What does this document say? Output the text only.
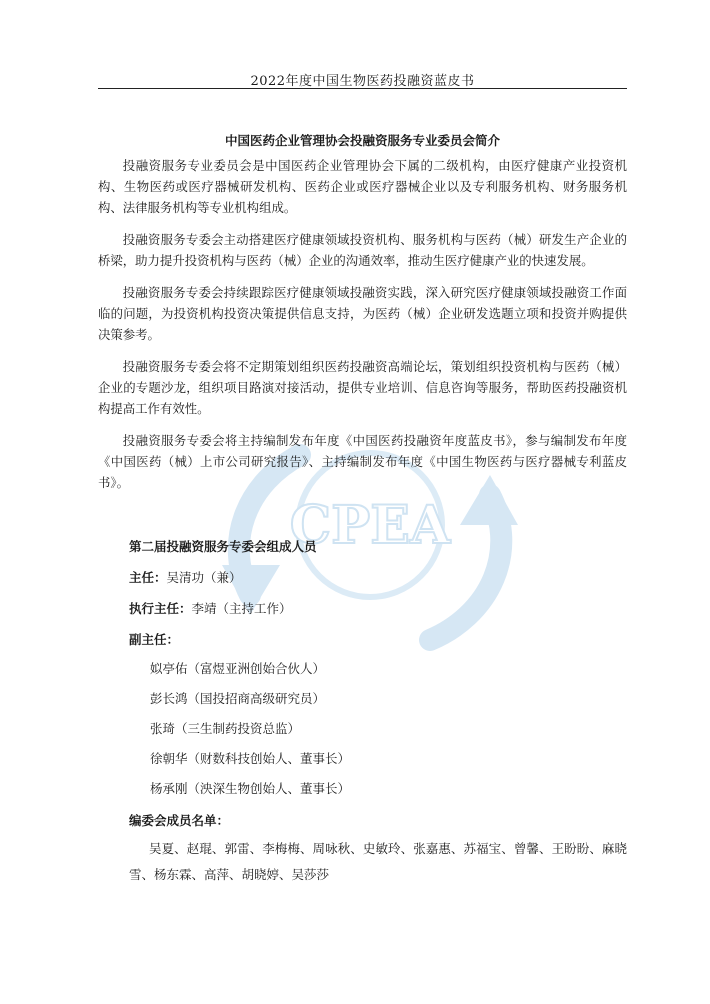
2022年度中国生物医药投融资蓝皮书
CPEA
中国医药企业管理协会投融资服务专业委员会简介

投融资服务专业委员会是中国医药企业管理协会下属的二级机构，由医疗健康产业投资机构、生物医药或医疗器械研发机构、医药企业或医疗器械企业以及专利服务机构、财务服务机构、法律服务机构等专业机构组成。

投融资服务专委会主动搭建医疗健康领域投资机构、服务机构与医药（械）研发生产企业的桥梁，助力提升投资机构与医药（械）企业的沟通效率，推动生医疗健康产业的快速发展。

投融资服务专委会持续跟踪医疗健康领域投融资实践，深入研究医疗健康领域投融资工作面临的问题，为投资机构投资决策提供信息支持，为医药（械）企业研发选题立项和投资并购提供决策参考。

投融资服务专委会将不定期策划组织医药投融资高端论坛，策划组织投资机构与医药（械）企业的专题沙龙，组织项目路演对接活动，提供专业培训、信息咨询等服务，帮助医药投融资机构提高工作有效性。

投融资服务专委会将主持编制发布年度《中国医药投融资年度蓝皮书》，参与编制发布年度《中国医药（械）上市公司研究报告》、主持编制发布年度《中国生物医药与医疗器械专利蓝皮书》。

第二届投融资服务专委会组成人员
主任：吴清功（兼）
执行主任：李靖（主持工作）
副主任：
姒亭佑（富煜亚洲创始合伙人）
彭长鸿（国投招商高级研究员）
张琦（三生制药投资总监）
徐朝华（财数科技创始人、董事长）
杨承刚（泱深生物创始人、董事长）
编委会成员名单：
吴夏、赵琨、郭雷、李梅梅、周咏秋、史敏玲、张嘉惠、苏福宝、曾馨、王盼盼、麻晓雪、杨东霖、高萍、胡晓婷、吴莎莎
